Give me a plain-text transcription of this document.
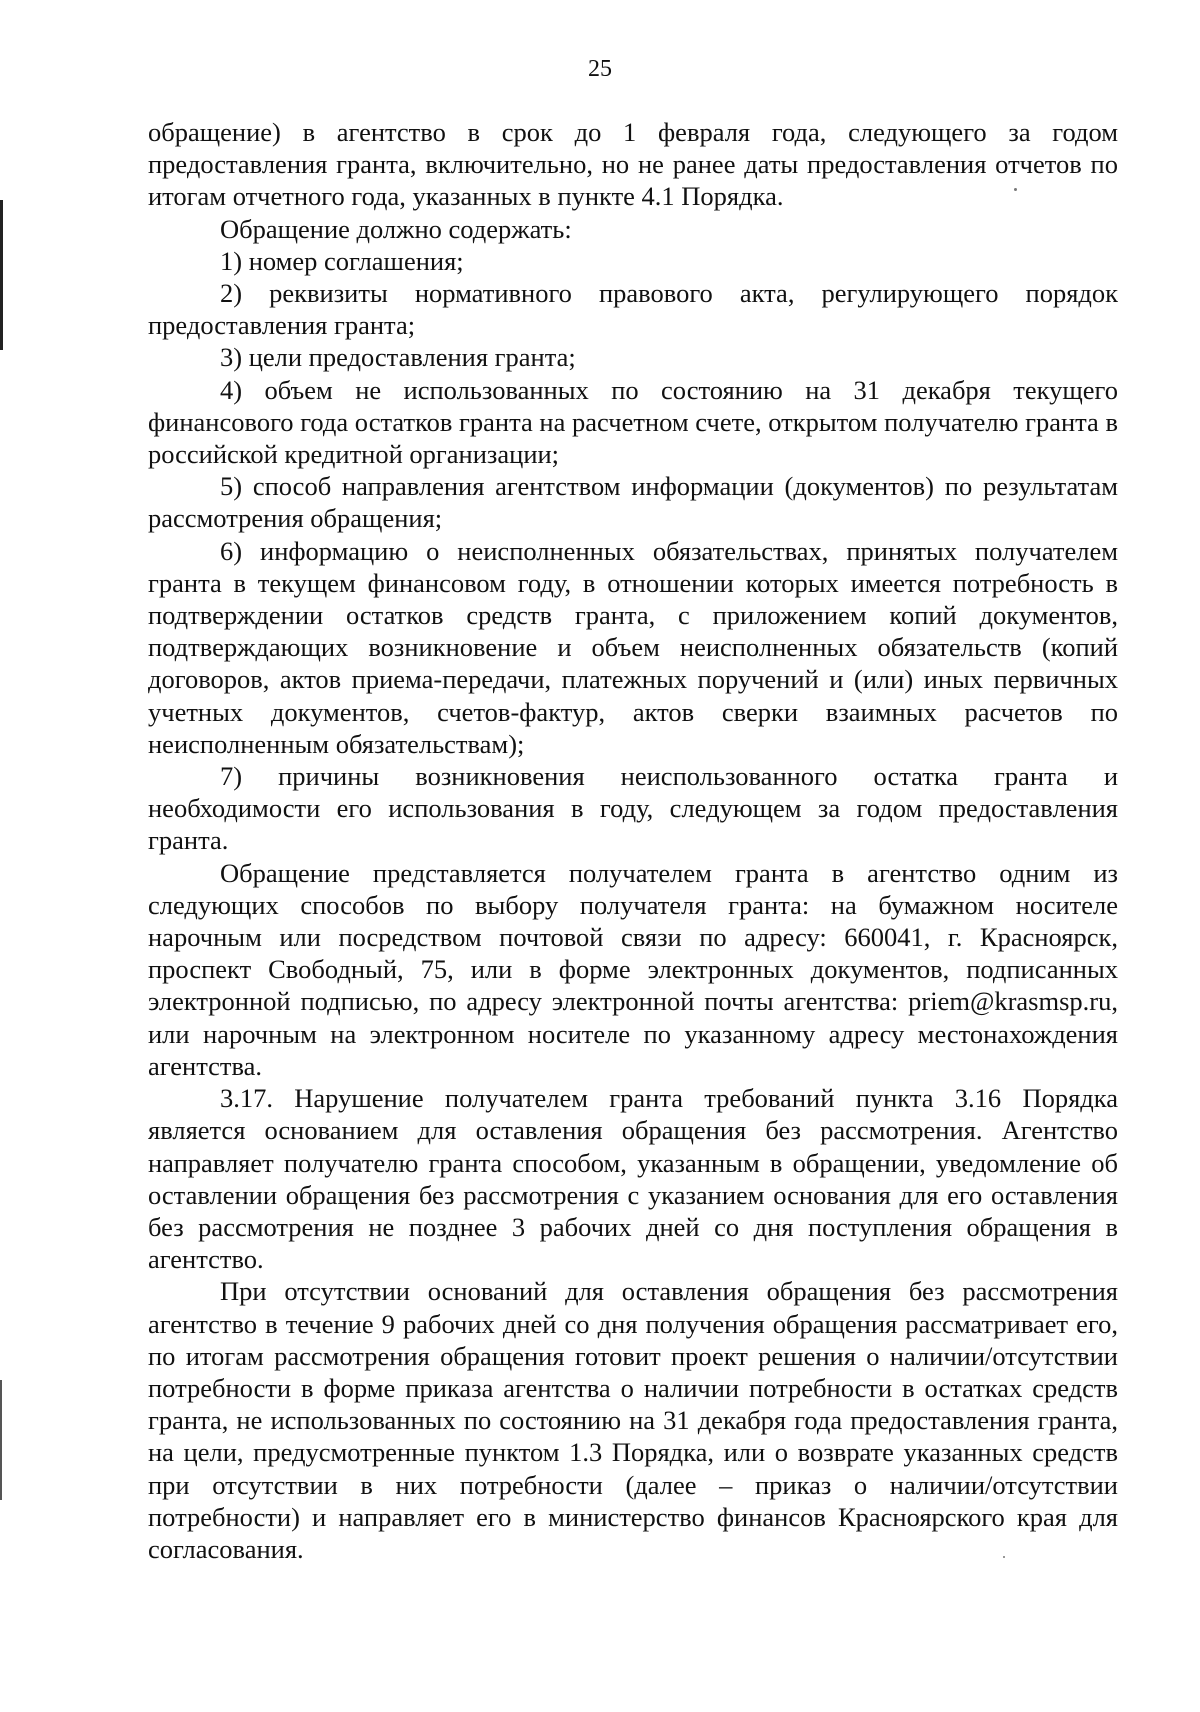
25

обращение) в агентство в срок до 1 февраля года, следующего за годом предоставления гранта, включительно, но не ранее даты предоставления отчетов по итогам отчетного года, указанных в пункте 4.1 Порядка.

Обращение должно содержать:

1) номер соглашения;

2) реквизиты нормативного правового акта, регулирующего порядок предоставления гранта;

3) цели предоставления гранта;

4) объем не использованных по состоянию на 31 декабря текущего финансового года остатков гранта на расчетном счете, открытом получателю гранта в российской кредитной организации;

5) способ направления агентством информации (документов) по результатам рассмотрения обращения;

6) информацию о неисполненных обязательствах, принятых получателем гранта в текущем финансовом году, в отношении которых имеется потребность в подтверждении остатков средств гранта, с приложением копий документов, подтверждающих возникновение и объем неисполненных обязательств (копий договоров, актов приема-передачи, платежных поручений и (или) иных первичных учетных документов, счетов-фактур, актов сверки взаимных расчетов по неисполненным обязательствам);

7) причины возникновения неиспользованного остатка гранта и необходимости его использования в году, следующем за годом предоставления гранта.

Обращение представляется получателем гранта в агентство одним из следующих способов по выбору получателя гранта: на бумажном носителе нарочным или посредством почтовой связи по адресу: 660041, г. Красноярск, проспект Свободный, 75, или в форме электронных документов, подписанных электронной подписью, по адресу электронной почты агентства: priem@krasmsp.ru, или нарочным на электронном носителе по указанному адресу местонахождения агентства.

3.17. Нарушение получателем гранта требований пункта 3.16 Порядка является основанием для оставления обращения без рассмотрения. Агентство направляет получателю гранта способом, указанным в обращении, уведомление об оставлении обращения без рассмотрения с указанием основания для его оставления без рассмотрения не позднее 3 рабочих дней со дня поступления обращения в агентство.

При отсутствии оснований для оставления обращения без рассмотрения агентство в течение 9 рабочих дней со дня получения обращения рассматривает его, по итогам рассмотрения обращения готовит проект решения о наличии/отсутствии потребности в форме приказа агентства о наличии потребности в остатках средств гранта, не использованных по состоянию на 31 декабря года предоставления гранта, на цели, предусмотренные пунктом 1.3 Порядка, или о возврате указанных средств при отсутствии в них потребности (далее – приказ о наличии/отсутствии потребности) и направляет его в министерство финансов Красноярского края для согласования.
